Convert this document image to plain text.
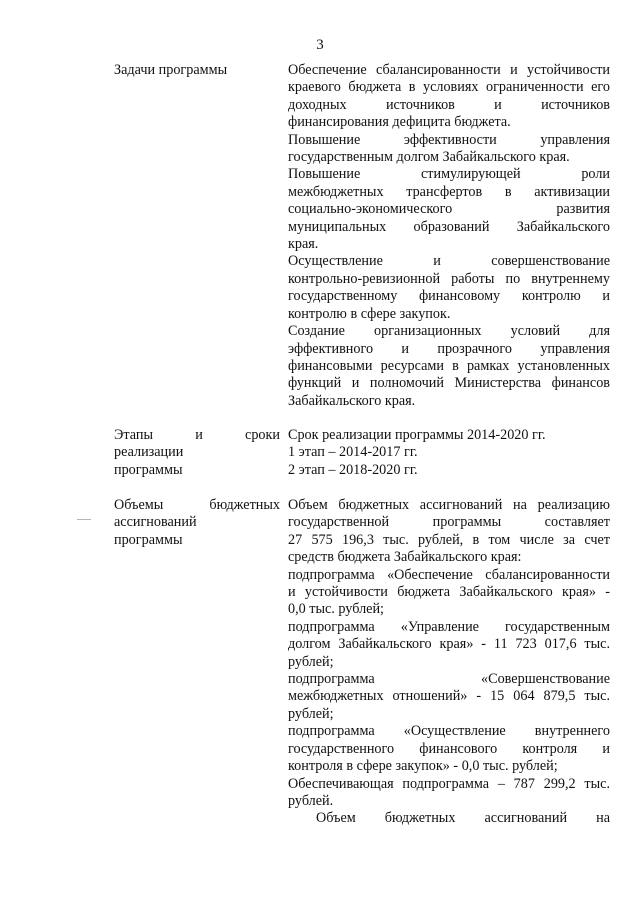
3
Задачи программы	Обеспечение сбалансированности и устойчивости
краевого бюджета в условиях ограниченности его
доходных источников и источников
финансирования дефицита бюджета.
Повышение эффективности управления
государственным долгом Забайкальского края.
Повышение стимулирующей роли
межбюджетных трансфертов в активизации
социально-экономического развития
муниципальных образований Забайкальского
края.
Осуществление и совершенствование
контрольно-ревизионной работы по внутреннему
государственному финансовому контролю и
контролю в сфере закупок.
Создание организационных условий для
эффективного и прозрачного управления
финансовыми ресурсами в рамках установленных
функций и полномочий Министерства финансов
Забайкальского края.
Этапы и сроки
реализации
программы
Срок реализации программы 2014-2020 гг.
1 этап – 2014-2017 гг.
2 этап – 2018-2020 гг.
Объемы бюджетных
ассигнований
программы
Объем бюджетных ассигнований на реализацию
государственной программы составляет
27 575 196,3 тыс. рублей, в том числе за счет
средств бюджета Забайкальского края:
подпрограмма «Обеспечение сбалансированности
и устойчивости бюджета Забайкальского края» -
0,0 тыс. рублей;
подпрограмма «Управление государственным
долгом Забайкальского края» - 11 723 017,6 тыс.
рублей;
подпрограмма «Совершенствование
межбюджетных отношений» - 15 064 879,5 тыс.
рублей;
подпрограмма «Осуществление внутреннего
государственного финансового контроля и
контроля в сфере закупок» - 0,0 тыс. рублей;
Обеспечивающая подпрограмма – 787 299,2 тыс.
рублей.
Объем бюджетных ассигнований на
